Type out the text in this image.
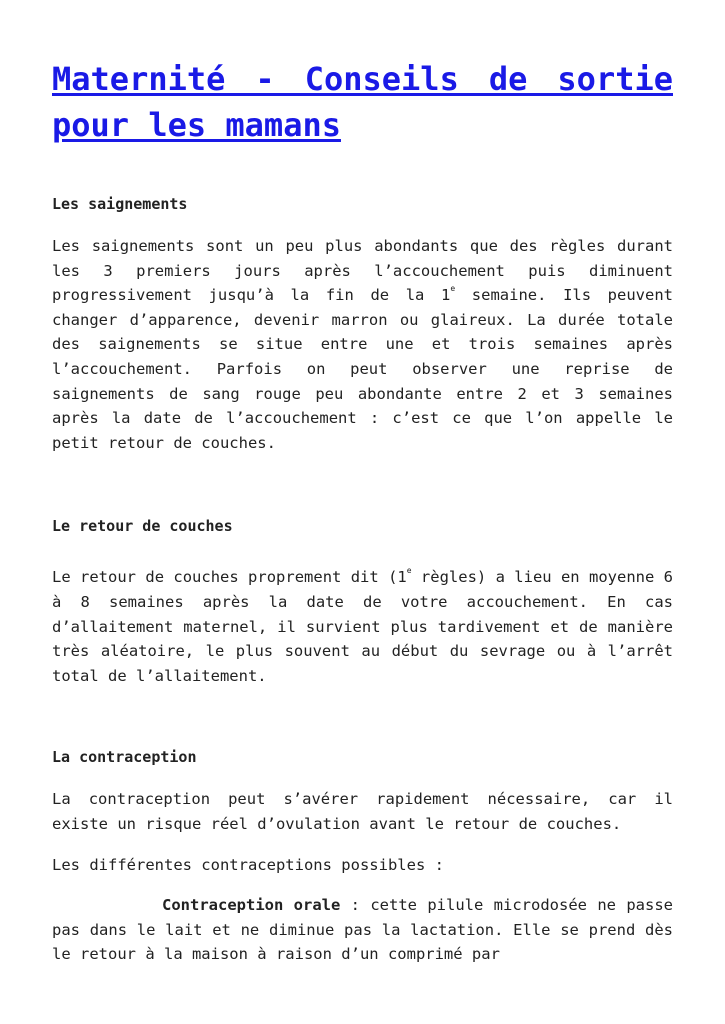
Maternité - Conseils de sortie pour les mamans
Les saignements

Les saignements sont un peu plus abondants que des règles durant les 3 premiers jours après l’accouchement puis diminuent progressivement jusqu’à la fin de la 1e semaine. Ils peuvent changer d’apparence, devenir marron ou glaireux. La durée totale des saignements se situe entre une et trois semaines après l’accouchement. Parfois on peut observer une reprise de saignements de sang rouge peu abondante entre 2 et 3 semaines après la date de l’accouchement : c’est ce que l’on appelle le petit retour de couches.

Le retour de couches

Le retour de couches proprement dit (1e règles) a lieu en moyenne 6 à 8 semaines après la date de votre accouchement. En cas d’allaitement maternel, il survient plus tardivement et de manière très aléatoire, le plus souvent au début du sevrage ou à l’arrêt total de l’allaitement.

La contraception

La contraception peut s’avérer rapidement nécessaire, car il existe un risque réel d’ovulation avant le retour de couches.

Les différentes contraceptions possibles :

Contraception orale : cette pilule microdosée ne passe pas dans le lait et ne diminue pas la lactation. Elle se prend dès le retour à la maison à raison d’un comprimé par
